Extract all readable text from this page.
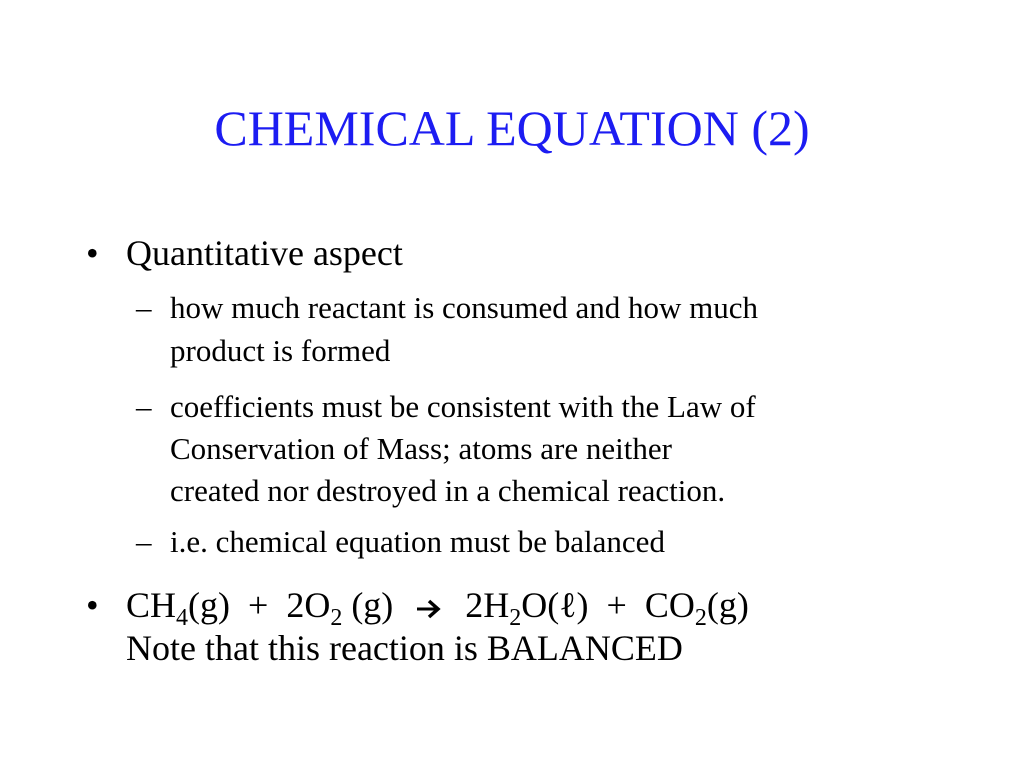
CHEMICAL EQUATION (2)
• Quantitative aspect
– how much reactant is consumed and how much
product is formed
– coefficients must be consistent with the Law of
Conservation of Mass; atoms are neither
created nor destroyed in a chemical reaction.
– i.e. chemical equation must be balanced
• $CH_4(g) + 2O_2$ (g) $2H_2O(\ell) + CO_2(g)$
Note that this reaction is BALANCED
